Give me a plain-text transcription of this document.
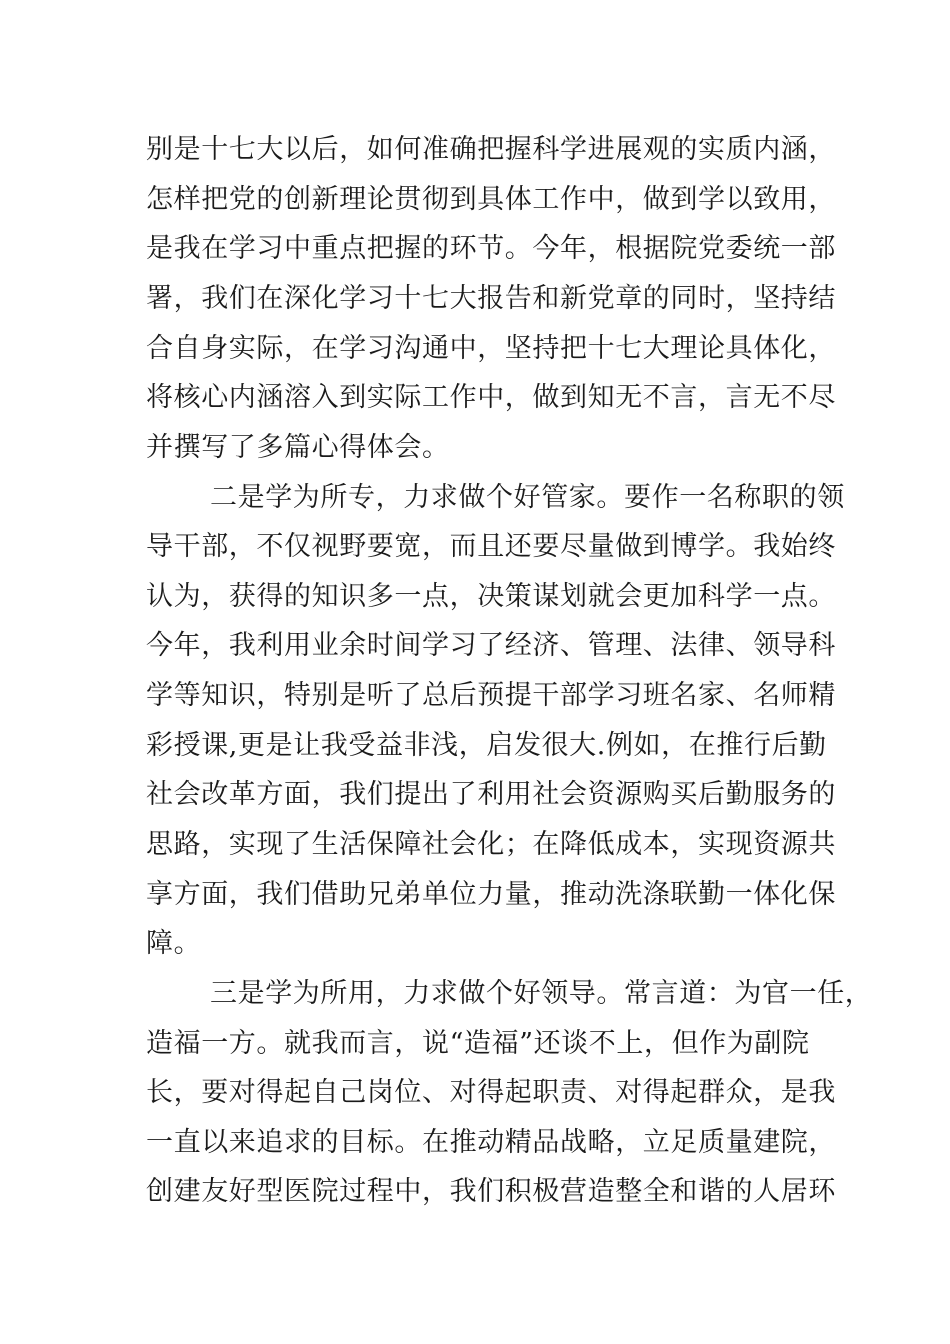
别是十七大以后，如何准确把握科学进展观的实质内涵，
怎样把党的创新理论贯彻到具体工作中，做到学以致用，
是我在学习中重点把握的环节。今年，根据院党委统一部
署，我们在深化学习十七大报告和新党章的同时，坚持结
合自身实际，在学习沟通中，坚持把十七大理论具体化，
将核心内涵溶入到实际工作中，做到知无不言，言无不尽
并撰写了多篇心得体会。
二是学为所专，力求做个好管家。要作一名称职的领
导干部，不仅视野要宽，而且还要尽量做到博学。我始终
认为，获得的知识多一点，决策谋划就会更加科学一点。
今年，我利用业余时间学习了经济、管理、法律、领导科
学等知识，特别是听了总后预提干部学习班名家、名师精
彩授课,更是让我受益非浅，启发很大.例如，在推行后勤
社会改革方面，我们提出了利用社会资源购买后勤服务的
思路，实现了生活保障社会化；在降低成本，实现资源共
享方面，我们借助兄弟单位力量，推动洗涤联勤一体化保
障。
三是学为所用，力求做个好领导。常言道：为官一任，
造福一方。就我而言，说“造福”还谈不上，但作为副院
长，要对得起自己岗位、对得起职责、对得起群众，是我
一直以来追求的目标。在推动精品战略，立足质量建院，
创建友好型医院过程中，我们积极营造整全和谐的人居环
